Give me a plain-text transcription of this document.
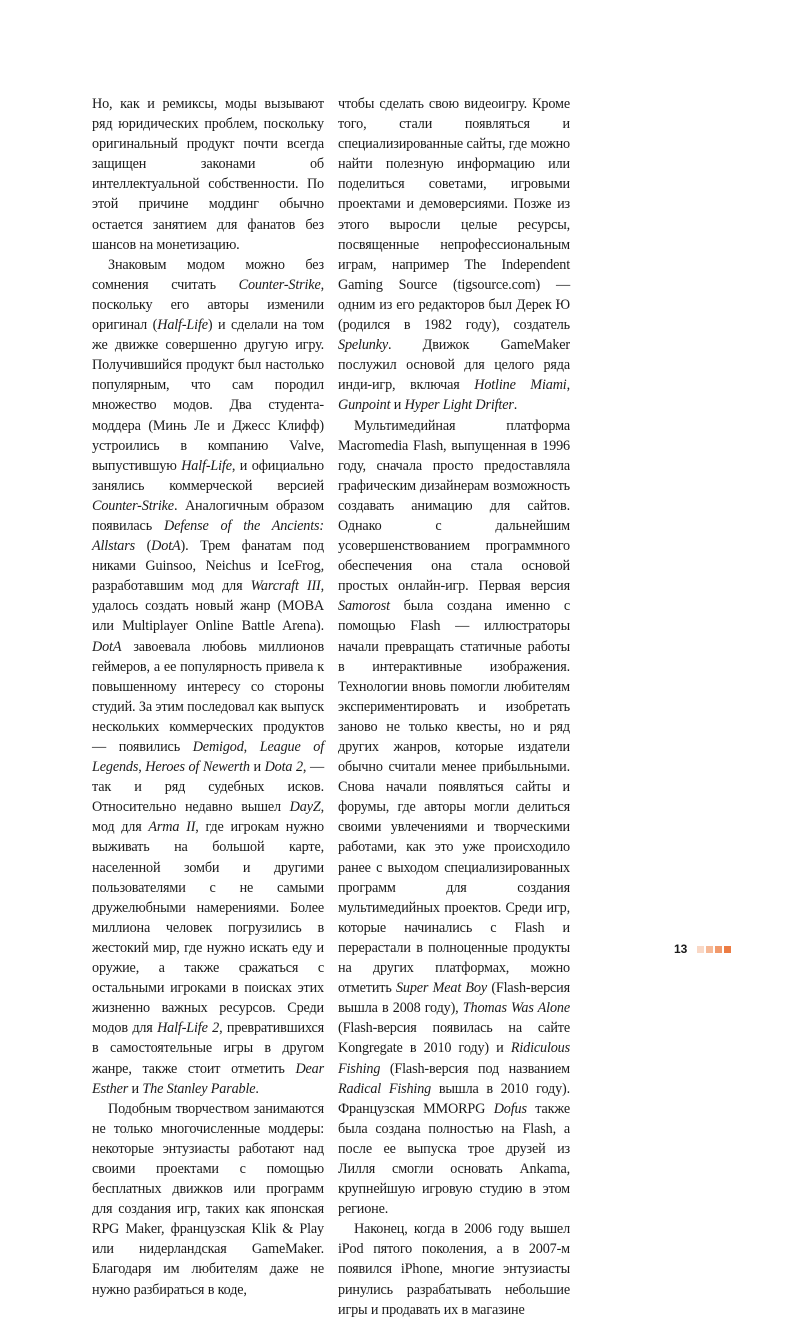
Но, как и ремиксы, моды вызывают ряд юридических проблем, поскольку оригинальный продукт почти всегда защищен законами об интеллектуальной собственности. По этой причине моддинг обычно остается занятием для фанатов без шансов на монетизацию.

Знаковым модом можно без сомнения считать Counter-Strike, поскольку его авторы изменили оригинал (Half-Life) и сделали на том же движке совершенно другую игру. Получившийся продукт был настолько популярным, что сам породил множество модов. Два студента-моддера (Минь Ле и Джесс Клифф) устроились в компанию Valve, выпустившую Half-Life, и официально занялись коммерческой версией Counter-Strike. Аналогичным образом появилась Defense of the Ancients: Allstars (DotA). Трем фанатам под никами Guinsoo, Neichus и IceFrog, разработавшим мод для Warcraft III, удалось создать новый жанр (MOBA или Multiplayer Online Battle Arena). DotA завоевала любовь миллионов геймеров, а ее популярность привела к повышенному интересу со стороны студий. За этим последовал как выпуск нескольких коммерческих продуктов — появились Demigod, League of Legends, Heroes of Newerth и Dota 2, — так и ряд судебных исков. Относительно недавно вышел DayZ, мод для Arma II, где игрокам нужно выживать на большой карте, населенной зомби и другими пользователями с не самыми дружелюбными намерениями. Более миллиона человек погрузились в жестокий мир, где нужно искать еду и оружие, а также сражаться с остальными игроками в поисках этих жизненно важных ресурсов. Среди модов для Half-Life 2, превратившихся в самостоятельные игры в другом жанре, также стоит отметить Dear Esther и The Stanley Parable.

Подобным творчеством занимаются не только многочисленные моддеры: некоторые энтузиасты работают над своими проектами с помощью бесплатных движков или программ для создания игр, таких как японская RPG Maker, французская Klik & Play или нидерландская GameMaker. Благодаря им любителям даже не нужно разбираться в коде,

чтобы сделать свою видеоигру. Кроме того, стали появляться и специализированные сайты, где можно найти полезную информацию или поделиться советами, игровыми проектами и демоверсиями. Позже из этого выросли целые ресурсы, посвященные непрофессиональным играм, например The Independent Gaming Source (tigsource.com) — одним из его редакторов был Дерек Ю (родился в 1982 году), создатель Spelunky. Движок GameMaker послужил основой для целого ряда инди-игр, включая Hotline Miami, Gunpoint и Hyper Light Drifter.

Мультимедийная платформа Macromedia Flash, выпущенная в 1996 году, сначала просто предоставляла графическим дизайнерам возможность создавать анимацию для сайтов. Однако с дальнейшим усовершенствованием программного обеспечения она стала основой простых онлайн-игр. Первая версия Samorost была создана именно с помощью Flash — иллюстраторы начали превращать статичные работы в интерактивные изображения. Технологии вновь помогли любителям экспериментировать и изобретать заново не только квесты, но и ряд других жанров, которые издатели обычно считали менее прибыльными. Снова начали появляться сайты и форумы, где авторы могли делиться своими увлечениями и творческими работами, как это уже происходило ранее с выходом специализированных программ для создания мультимедийных проектов. Среди игр, которые начинались с Flash и перерастали в полноценные продукты на других платформах, можно отметить Super Meat Boy (Flash-версия вышла в 2008 году), Thomas Was Alone (Flash-версия появилась на сайте Kongregate в 2010 году) и Ridiculous Fishing (Flash-версия под названием Radical Fishing вышла в 2010 году). Французская MMORPG Dofus также была создана полностью на Flash, а после ее выпуска трое друзей из Лилля смогли основать Ankama, крупнейшую игровую студию в этом регионе.

Наконец, когда в 2006 году вышел iPod пятого поколения, а в 2007-м появился iPhone, многие энтузиасты ринулись разрабатывать небольшие игры и продавать их в магазине

13
